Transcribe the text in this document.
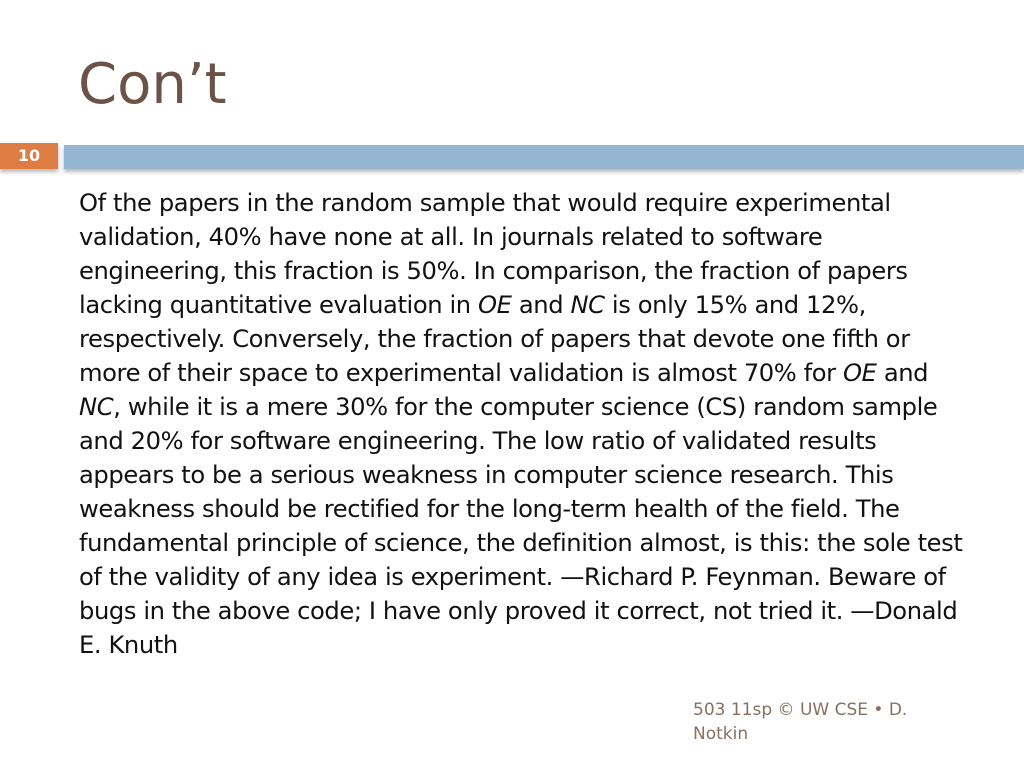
Con’t
10

Of the papers in the random sample that would require experimental validation, 40% have none at all. In journals related to software engineering, this fraction is 50%. In comparison, the fraction of papers lacking quantitative evaluation in OE and NC is only 15% and 12%, respectively. Conversely, the fraction of papers that devote one fifth or more of their space to experimental validation is almost 70% for OE and NC, while it is a mere 30% for the computer science (CS) random sample and 20% for software engineering. The low ratio of validated results appears to be a serious weakness in computer science research. This weakness should be rectified for the long-term health of the field. The fundamental principle of science, the definition almost, is this: the sole test of the validity of any idea is experiment. —Richard P. Feynman. Beware of bugs in the above code; I have only proved it correct, not tried it. —Donald E. Knuth

503 11sp © UW CSE • D. Notkin
